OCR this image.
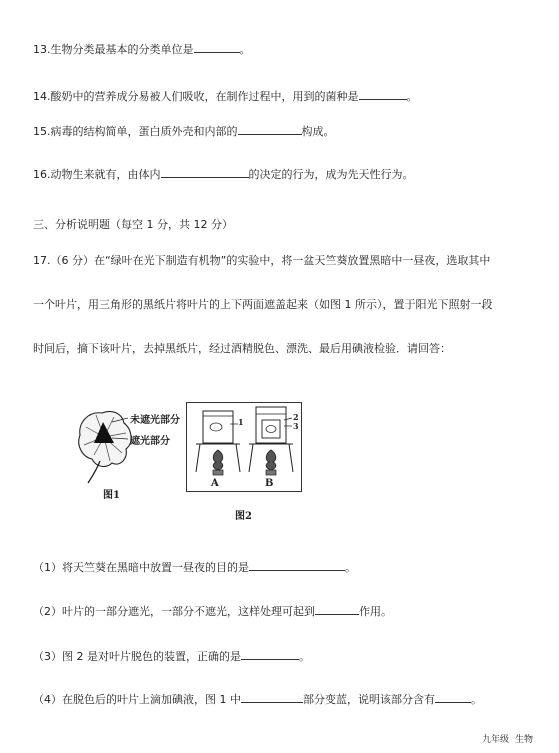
13.生物分类最基本的分类单位是	。
14.酸奶中的营养成分易被人们吸收，在制作过程中，用到的菌种是	。
15.病毒的结构简单，蛋白质外壳和内部的	构成。
16.动物生来就有，由体内	的决定的行为，成为先天性行为。
三、分析说明题（每空 1 分，共 12 分）
17.（6 分）在“绿叶在光下制造有机物”的实验中，将一盆天竺葵放置黑暗中一昼夜，选取其中
一个叶片，用三角形的黑纸片将叶片的上下两面遮盖起来（如图 1 所示），置于阳光下照射一段
时间后，摘下该叶片，去掉黑纸片，经过酒精脱色、漂洗、最后用碘液检验．请回答：
未遮光部分
遮光部分
图1
1	2
3
A	B
图2
（1）将天竺葵在黑暗中放置一昼夜的目的是	。
（2）叶片的一部分遮光，一部分不遮光，这样处理可起到	作用。
（3）图 2 是对叶片脱色的装置，正确的是	。
（4）在脱色后的叶片上滴加碘液，图 1 中	部分变蓝，说明该部分含有	。
九年级 生物
